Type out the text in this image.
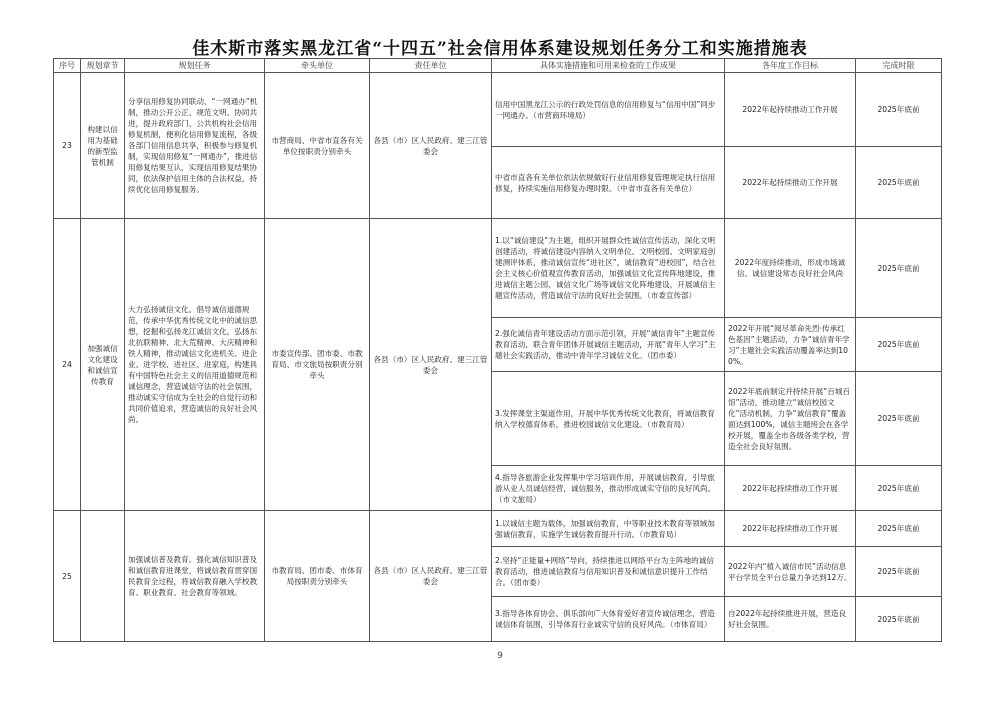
佳木斯市落实黑龙江省“十四五”社会信用体系建设规划任务分工和实施措施表
序号	规划章节	规划任务	牵头单位	责任单位	具体实施措施和可用来检查的工作成果	各年度工作目标	完成时限
23	构建以信用为基础的新型监管机制	分享信用修复协同联动、“一网通办”机制，推动公开公正、规范文明、协同共进，提升政府部门、公共机构社会信用修复机制，便利化信用修复流程，各级各部门信用信息共享，积极参与修复机制，实现信用修复“一网通办”，推进信用修复结果互认，实现信用修复结果协同，依法保护信用主体的合法权益，持续优化信用修复服务。	市营商局、中省市直各有关单位按职责分别牵头	各县（市）区人民政府、建三江管委会	信用中国黑龙江公示的行政处罚信息的信用修复与“信用中国”同步一网通办。（市营商环境局）	2022年起持续推动工作开展	2025年底前
					中省市直各有关单位依法依规做好行业信用修复管理规定执行信用修复，持续实施信用修复办理时限。（中省市直各有关单位）	2022年起持续推动工作开展	2025年底前
24	加强诚信文化建设和诚信宣传教育	大力弘扬诚信文化。倡导诚信道德规范，传承中华优秀传统文化中的诚信思想，挖掘和弘扬龙江诚信文化，弘扬东北抗联精神、北大荒精神、大庆精神和铁人精神，推动诚信文化进机关、进企业、进学校、进社区、进家庭，构建具有中国特色社会主义的信用道德规范和诚信理念，营造诚信守法的社会氛围，推动诚实守信成为全社会的自觉行动和共同价值追求，营造诚信的良好社会风尚。	市委宣传部、团市委、市教育局、市文旅局按职责分别牵头	各县（市）区人民政府、建三江管委会	1.以“诚信建设”为主题，组织开展群众性诚信宣传活动，深化文明创建活动，将诚信建设内容纳入文明单位、文明校园、文明家庭创建测评体系，推动诚信宣传“进社区”，诚信教育“进校园”，结合社会主义核心价值观宣传教育活动，加强诚信文化宣传阵地建设，推进诚信主题公园、诚信文化广场等诚信文化阵地建设，开展诚信主题宣传活动，营造诚信守法的良好社会氛围。（市委宣传部）	2022年度持续推动，形成市场诚信、诚信建设常态良好社会风尚	2025年底前
					2.强化诚信青年建设活动方面示范引领，开展“诚信青年”主题宣传教育活动，联合青年团体开展诚信主题活动，开展“青年人学习”主题社会实践活动，推动中青年学习诚信文化。（团市委）	2022年开展“阅尽革命先烈·传承红色基因”主题活动，力争“诚信青年学习”主题社会实践活动覆盖率达到100%。	2025年底前
					3.发挥课堂主渠道作用，开展中华优秀传统文化教育，将诚信教育纳入学校德育体系，推进校园诚信文化建设。（市教育局）	2022年底前制定并持续开展“百城百馆”活动，推动建立“诚信校园文化”活动机制，力争“诚信教育”覆盖面达到100%，诚信主题班会在各学校开展，覆盖全市各级各类学校，营造全社会良好氛围。	2025年底前
					4.指导各旅游企业发挥集中学习培训作用，开展诚信教育，引导旅游从业人员诚信经营，诚信服务，推动形成诚实守信的良好风尚。（市文旅局）	2022年起持续推动工作开展	2025年底前
25		加强诚信普及教育。强化诚信知识普及和诚信教育进课堂，将诚信教育贯穿国民教育全过程，将诚信教育融入学校教育、职业教育、社会教育等领域。	市教育局、团市委、市体育局按职责分别牵头	各县（市）区人民政府、建三江管委会	1.以诚信主题为载体，加强诚信教育，中等职业技术教育等领域加强诚信教育，实施学生诚信教育提升行动。（市教育局）	2022年起持续推动工作开展	2025年底前
					2.坚持“正能量+网络”导向，持续推进以网络平台为主阵地的诚信教育活动，推进诚信教育与信用知识普及和诚信意识提升工作结合。（团市委）	2022年内“植入诚信市民”活动信息平台学员全平台总量力争达到12万。	2025年底前
					3.指导各体育协会、俱乐部向广大体育爱好者宣传诚信理念，营造诚信体育氛围，引导体育行业诚实守信的良好风尚。（市体育局）	自2022年起持续推进开展，营造良好社会氛围。	2025年底前
9
